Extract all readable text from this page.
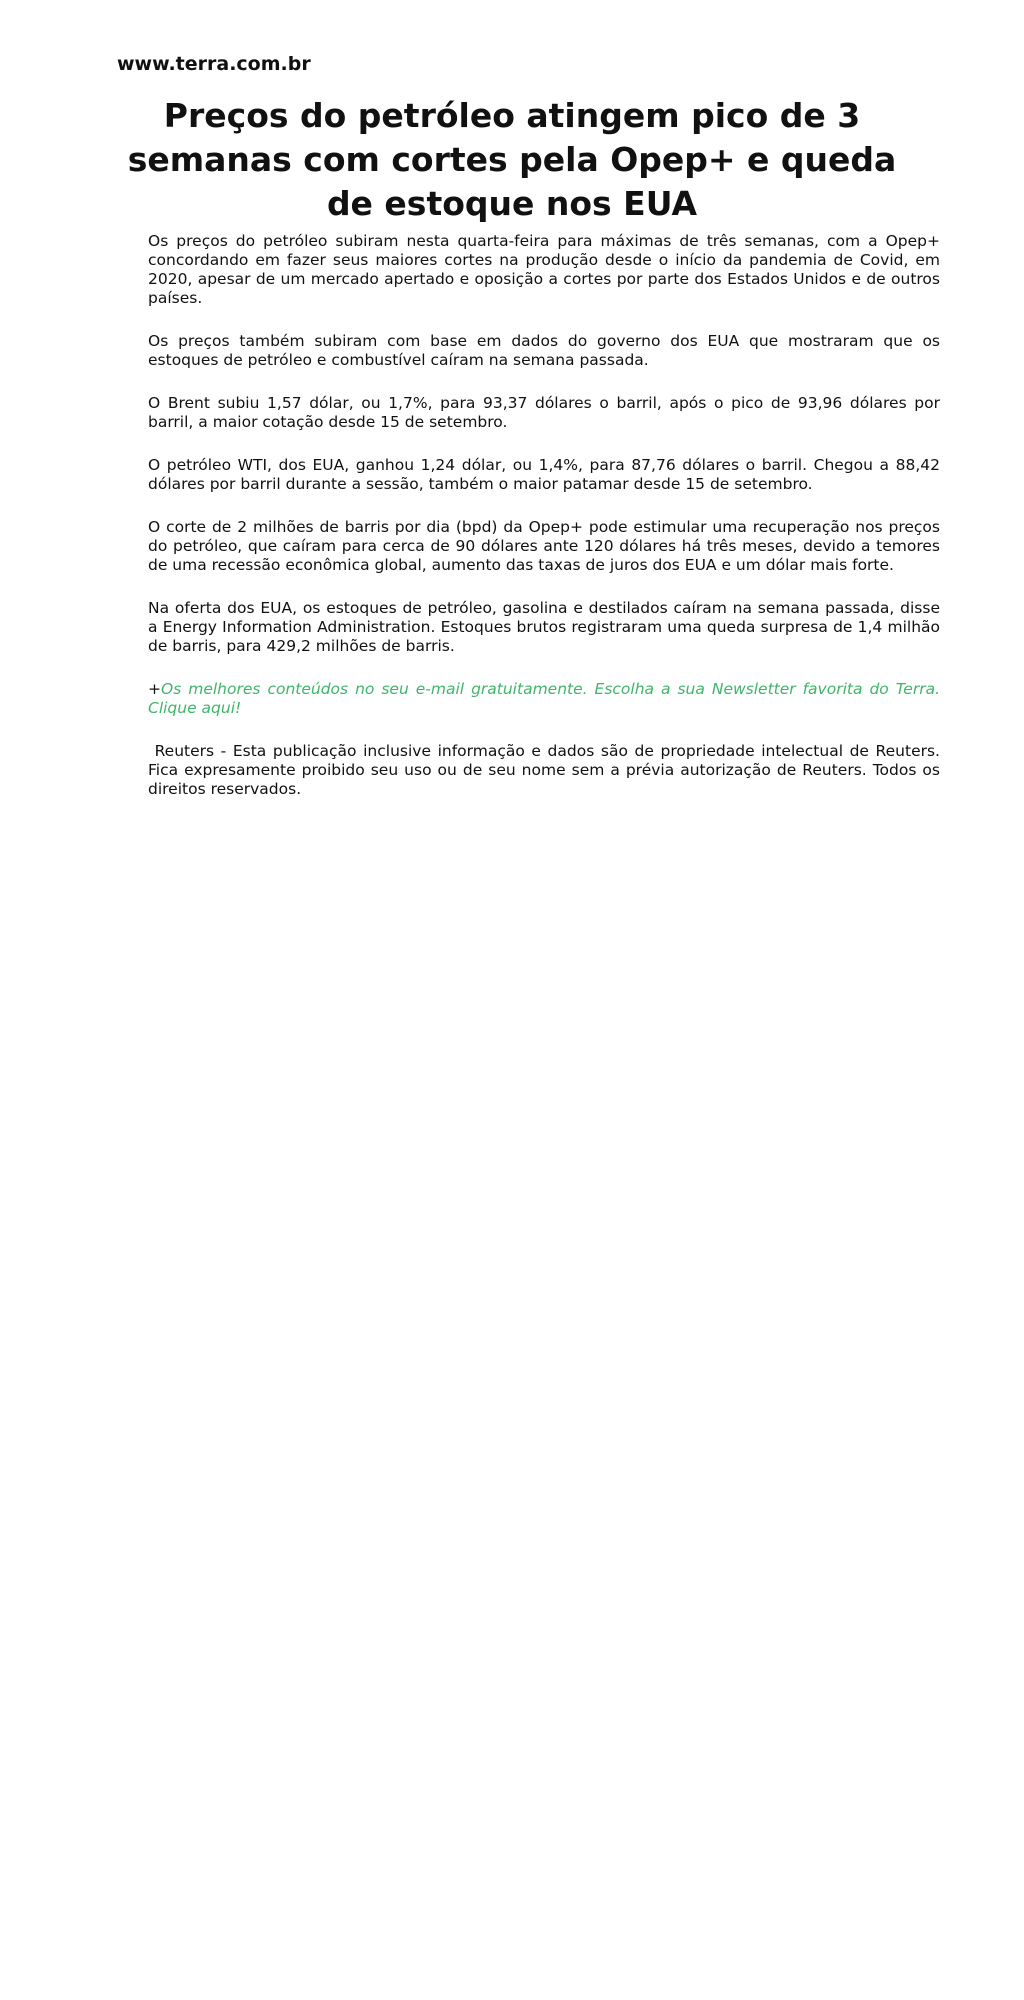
www.terra.com.br
Preços do petróleo atingem pico de 3 semanas com cortes pela Opep+ e queda de estoque nos EUA

Os preços do petróleo subiram nesta quarta-feira para máximas de três semanas, com a Opep+ concordando em fazer seus maiores cortes na produção desde o início da pandemia de Covid, em 2020, apesar de um mercado apertado e oposição a cortes por parte dos Estados Unidos e de outros países.

Os preços também subiram com base em dados do governo dos EUA que mostraram que os estoques de petróleo e combustível caíram na semana passada.

O Brent subiu 1,57 dólar, ou 1,7%, para 93,37 dólares o barril, após o pico de 93,96 dólares por barril, a maior cotação desde 15 de setembro.

O petróleo WTI, dos EUA, ganhou 1,24 dólar, ou 1,4%, para 87,76 dólares o barril. Chegou a 88,42 dólares por barril durante a sessão, também o maior patamar desde 15 de setembro.

O corte de 2 milhões de barris por dia (bpd) da Opep+ pode estimular uma recuperação nos preços do petróleo, que caíram para cerca de 90 dólares ante 120 dólares há três meses, devido a temores de uma recessão econômica global, aumento das taxas de juros dos EUA e um dólar mais forte.

Na oferta dos EUA, os estoques de petróleo, gasolina e destilados caíram na semana passada, disse a Energy Information Administration. Estoques brutos registraram uma queda surpresa de 1,4 milhão de barris, para 429,2 milhões de barris.

+Os melhores conteúdos no seu e-mail gratuitamente. Escolha a sua Newsletter favorita do Terra. Clique aqui!

Reuters - Esta publicação inclusive informação e dados são de propriedade intelectual de Reuters. Fica expresamente proibido seu uso ou de seu nome sem a prévia autorização de Reuters. Todos os direitos reservados.
